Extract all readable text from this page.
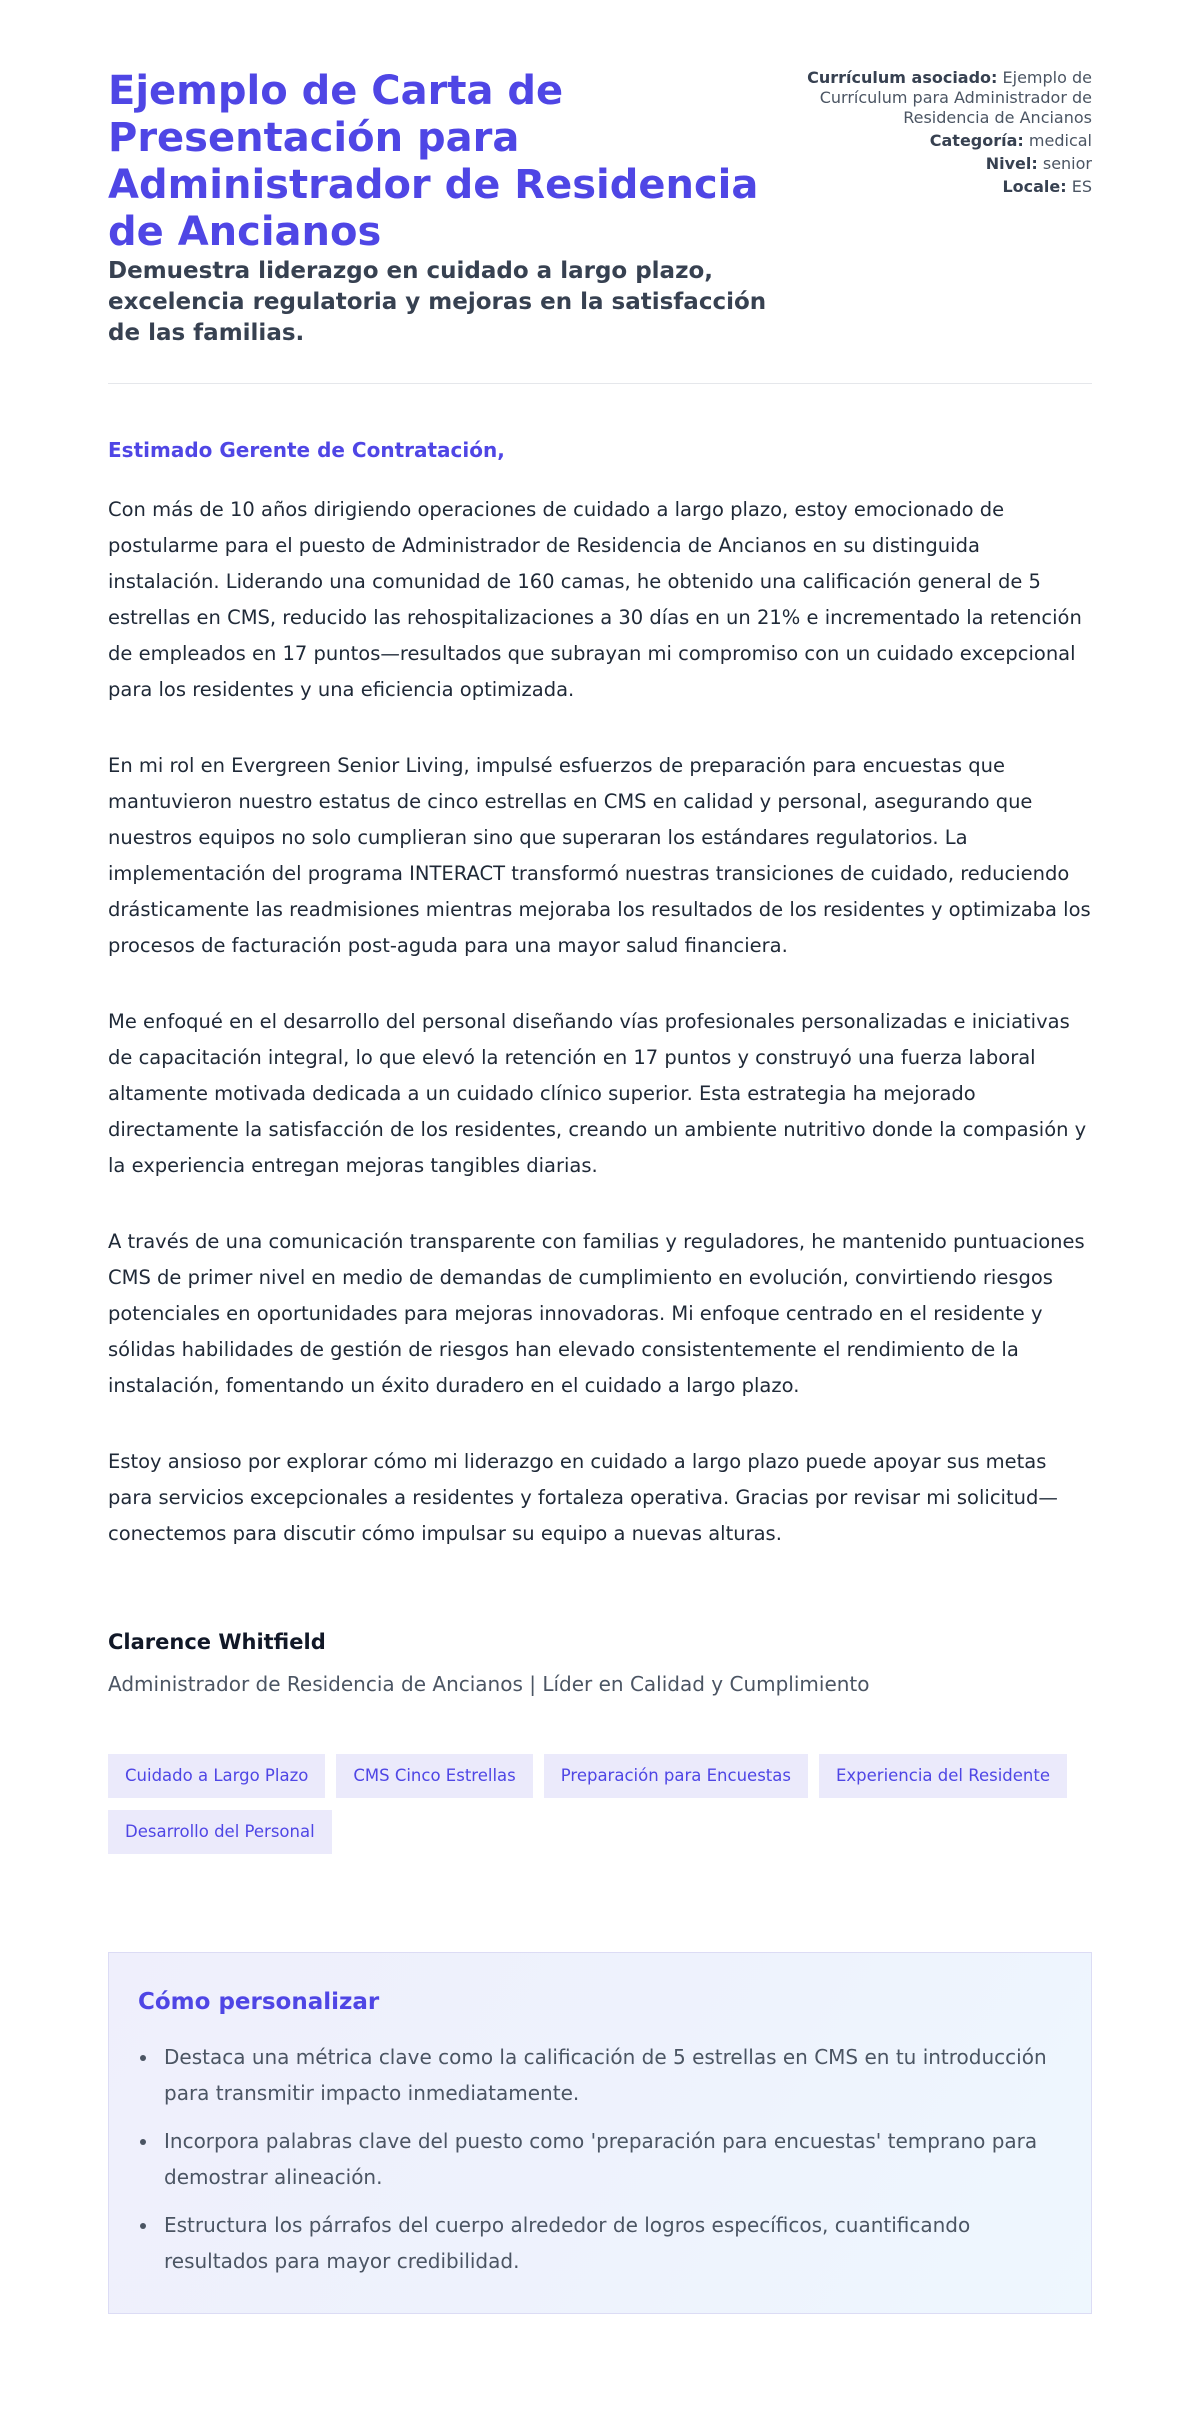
Ejemplo de Carta de Presentación para Administrador de Residencia de Ancianos
Demuestra liderazgo en cuidado a largo plazo, excelencia regulatoria y mejoras en la satisfacción de las familias.
Currículum asociado: Ejemplo de Currículum para Administrador de Residencia de Ancianos
Categoría: medical
Nivel: senior
Locale: ES
Estimado Gerente de Contratación,

Con más de 10 años dirigiendo operaciones de cuidado a largo plazo, estoy emocionado de postularme para el puesto de Administrador de Residencia de Ancianos en su distinguida instalación. Liderando una comunidad de 160 camas, he obtenido una calificación general de 5 estrellas en CMS, reducido las rehospitalizaciones a 30 días en un 21% e incrementado la retención de empleados en 17 puntos—resultados que subrayan mi compromiso con un cuidado excepcional para los residentes y una eficiencia optimizada.

En mi rol en Evergreen Senior Living, impulsé esfuerzos de preparación para encuestas que mantuvieron nuestro estatus de cinco estrellas en CMS en calidad y personal, asegurando que nuestros equipos no solo cumplieran sino que superaran los estándares regulatorios. La implementación del programa INTERACT transformó nuestras transiciones de cuidado, reduciendo drásticamente las readmisiones mientras mejoraba los resultados de los residentes y optimizaba los procesos de facturación post-aguda para una mayor salud financiera.

Me enfoqué en el desarrollo del personal diseñando vías profesionales personalizadas e iniciativas de capacitación integral, lo que elevó la retención en 17 puntos y construyó una fuerza laboral altamente motivada dedicada a un cuidado clínico superior. Esta estrategia ha mejorado directamente la satisfacción de los residentes, creando un ambiente nutritivo donde la compasión y la experiencia entregan mejoras tangibles diarias.

A través de una comunicación transparente con familias y reguladores, he mantenido puntuaciones CMS de primer nivel en medio de demandas de cumplimiento en evolución, convirtiendo riesgos potenciales en oportunidades para mejoras innovadoras. Mi enfoque centrado en el residente y sólidas habilidades de gestión de riesgos han elevado consistentemente el rendimiento de la instalación, fomentando un éxito duradero en el cuidado a largo plazo.

Estoy ansioso por explorar cómo mi liderazgo en cuidado a largo plazo puede apoyar sus metas para servicios excepcionales a residentes y fortaleza operativa. Gracias por revisar mi solicitud—conectemos para discutir cómo impulsar su equipo a nuevas alturas.

Clarence Whitfield
Administrador de Residencia de Ancianos | Líder en Calidad y Cumplimiento
Cuidado a Largo Plazo	CMS Cinco Estrellas	Preparación para Encuestas	Experiencia del Residente
Desarrollo del Personal
Cómo personalizar
Destaca una métrica clave como la calificación de 5 estrellas en CMS en tu introducción para transmitir impacto inmediatamente.
Incorpora palabras clave del puesto como 'preparación para encuestas' temprano para demostrar alineación.
Estructura los párrafos del cuerpo alrededor de logros específicos, cuantificando resultados para mayor credibilidad.
